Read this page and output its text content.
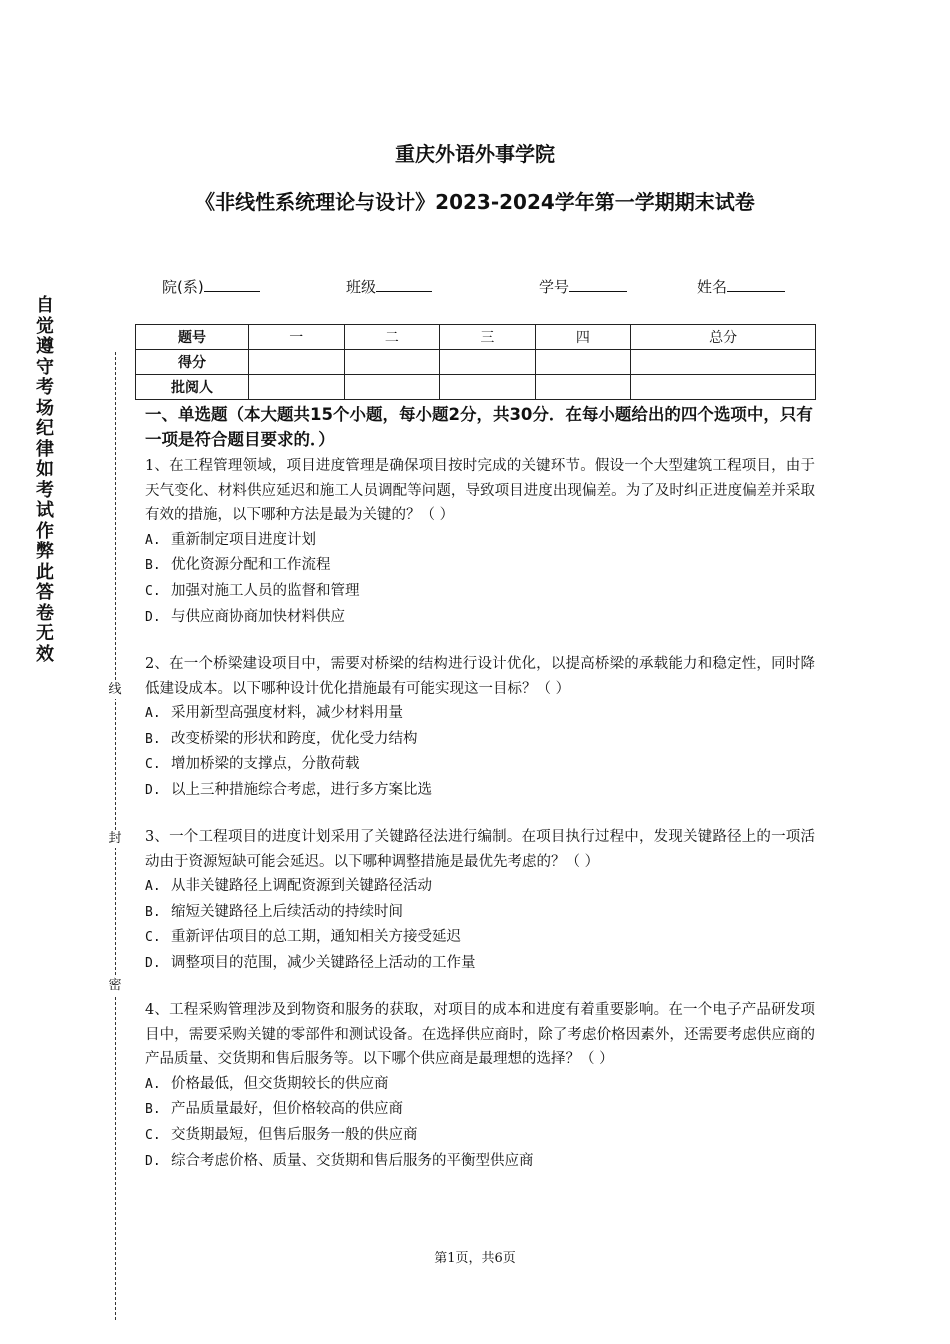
重庆外语外事学院
《非线性系统理论与设计》2023-2024学年第一学期期末试卷
自
觉
遵
守
考
场
纪
律
如
考
试
作
弊
此
答
卷
无
效
线
封
密
院(系)	班级	学号	姓名
题号	一	二	三	四	总分
得分					
批阅人					
一、单选题（本大题共15个小题，每小题2分，共30分．在每小题给出的四个选项中，只有一项是符合题目要求的．）
1、在工程管理领域，项目进度管理是确保项目按时完成的关键环节。假设一个大型建筑工程项目，由于天气变化、材料供应延迟和施工人员调配等问题，导致项目进度出现偏差。为了及时纠正进度偏差并采取有效的措施，以下哪种方法是最为关键的？（ ）
A. 重新制定项目进度计划
B. 优化资源分配和工作流程
C. 加强对施工人员的监督和管理
D. 与供应商协商加快材料供应
2、在一个桥梁建设项目中，需要对桥梁的结构进行设计优化，以提高桥梁的承载能力和稳定性，同时降低建设成本。以下哪种设计优化措施最有可能实现这一目标？（ ）
A. 采用新型高强度材料，减少材料用量
B. 改变桥梁的形状和跨度，优化受力结构
C. 增加桥梁的支撑点，分散荷载
D. 以上三种措施综合考虑，进行多方案比选
3、一个工程项目的进度计划采用了关键路径法进行编制。在项目执行过程中，发现关键路径上的一项活动由于资源短缺可能会延迟。以下哪种调整措施是最优先考虑的？（ ）
A. 从非关键路径上调配资源到关键路径活动
B. 缩短关键路径上后续活动的持续时间
C. 重新评估项目的总工期，通知相关方接受延迟
D. 调整项目的范围，减少关键路径上活动的工作量
4、工程采购管理涉及到物资和服务的获取，对项目的成本和进度有着重要影响。在一个电子产品研发项目中，需要采购关键的零部件和测试设备。在选择供应商时，除了考虑价格因素外，还需要考虑供应商的产品质量、交货期和售后服务等。以下哪个供应商是最理想的选择？（ ）
A. 价格最低，但交货期较长的供应商
B. 产品质量最好，但价格较高的供应商
C. 交货期最短，但售后服务一般的供应商
D. 综合考虑价格、质量、交货期和售后服务的平衡型供应商
第1页，共6页
